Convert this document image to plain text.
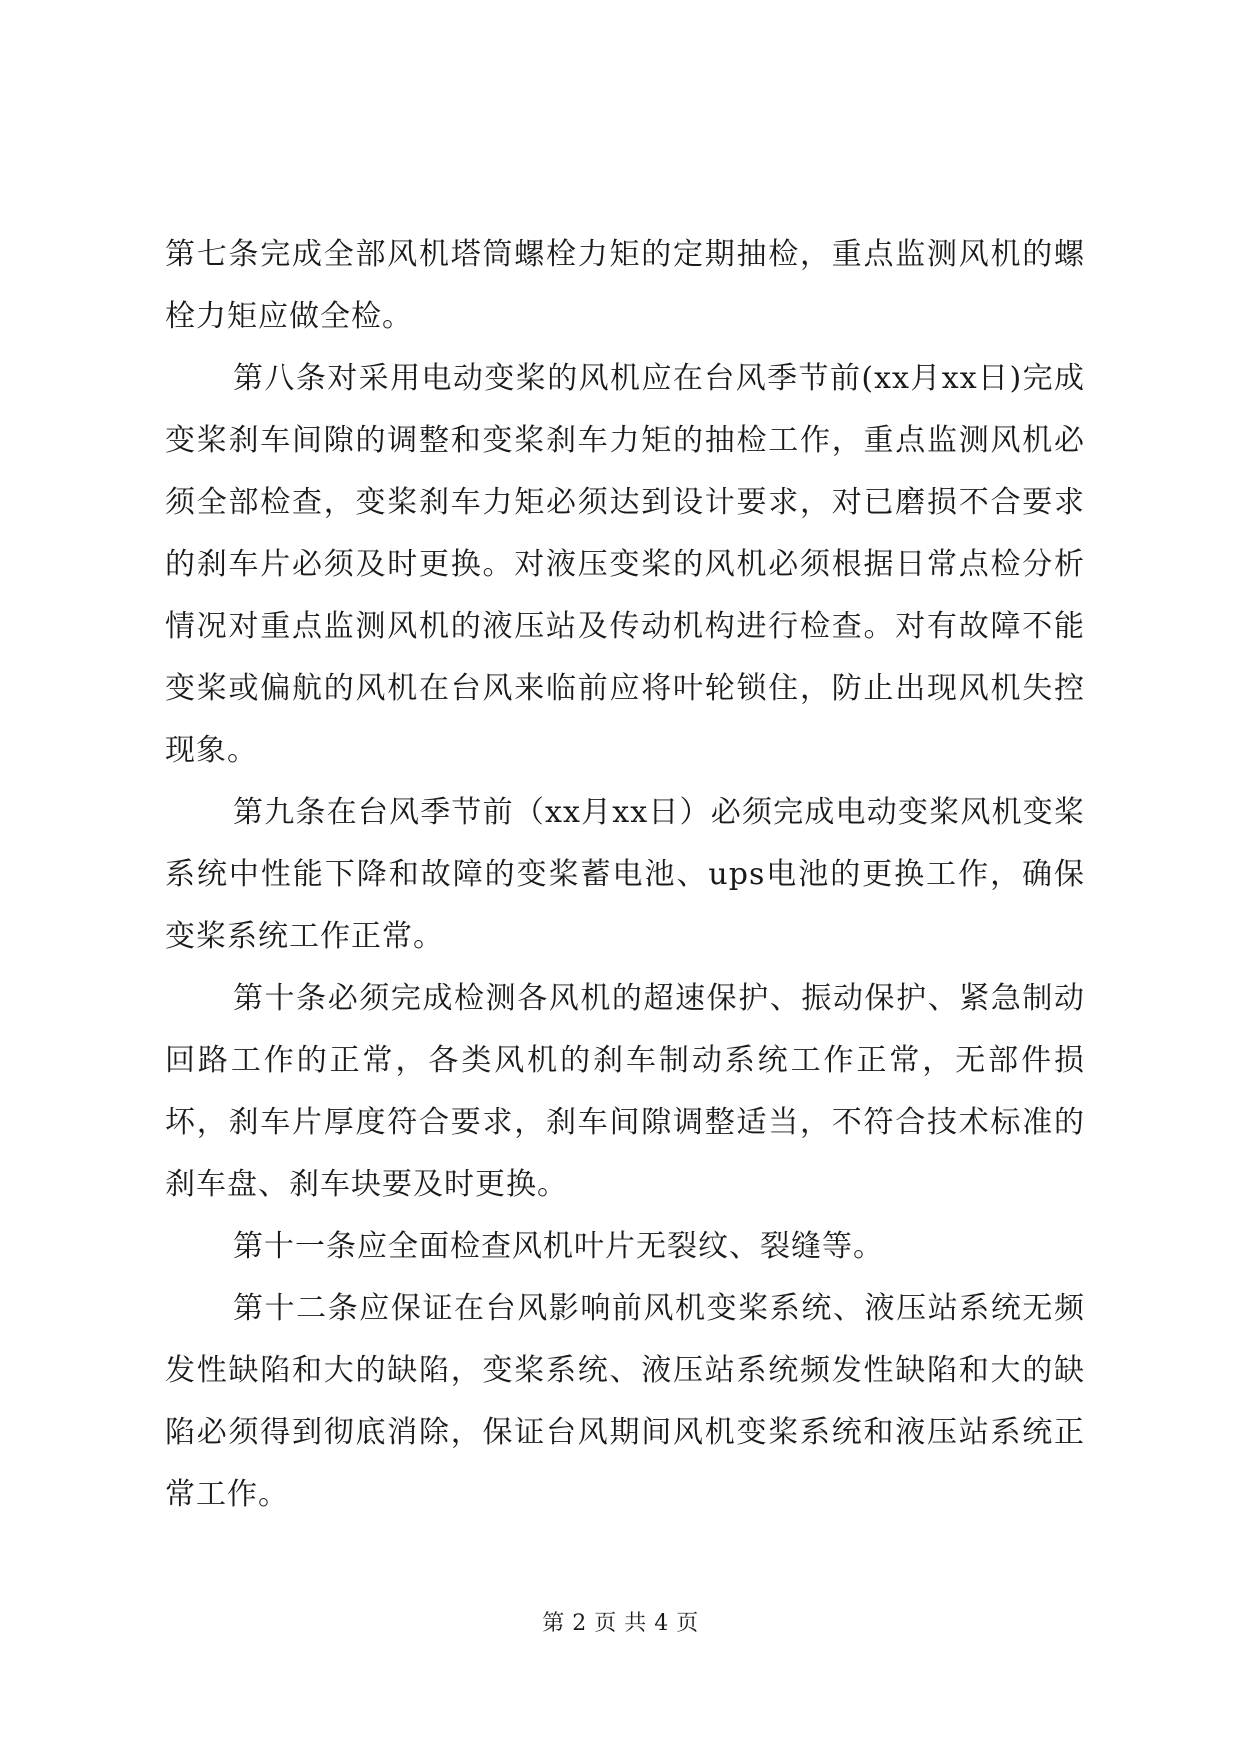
第七条完成全部风机塔筒螺栓力矩的定期抽检，重点监测风机的螺栓力矩应做全检。

第八条对采用电动变桨的风机应在台风季节前(xx月xx日)完成变桨刹车间隙的调整和变桨刹车力矩的抽检工作，重点监测风机必须全部检查，变桨刹车力矩必须达到设计要求，对已磨损不合要求的刹车片必须及时更换。对液压变桨的风机必须根据日常点检分析情况对重点监测风机的液压站及传动机构进行检查。对有故障不能变桨或偏航的风机在台风来临前应将叶轮锁住，防止出现风机失控现象。

第九条在台风季节前（xx月xx日）必须完成电动变桨风机变桨系统中性能下降和故障的变桨蓄电池、ups电池的更换工作，确保变桨系统工作正常。

第十条必须完成检测各风机的超速保护、振动保护、紧急制动回路工作的正常，各类风机的刹车制动系统工作正常，无部件损坏，刹车片厚度符合要求，刹车间隙调整适当，不符合技术标准的刹车盘、刹车块要及时更换。

第十一条应全面检查风机叶片无裂纹、裂缝等。

第十二条应保证在台风影响前风机变桨系统、液压站系统无频发性缺陷和大的缺陷，变桨系统、液压站系统频发性缺陷和大的缺陷必须得到彻底消除，保证台风期间风机变桨系统和液压站系统正常工作。

第 2 页 共 4 页
